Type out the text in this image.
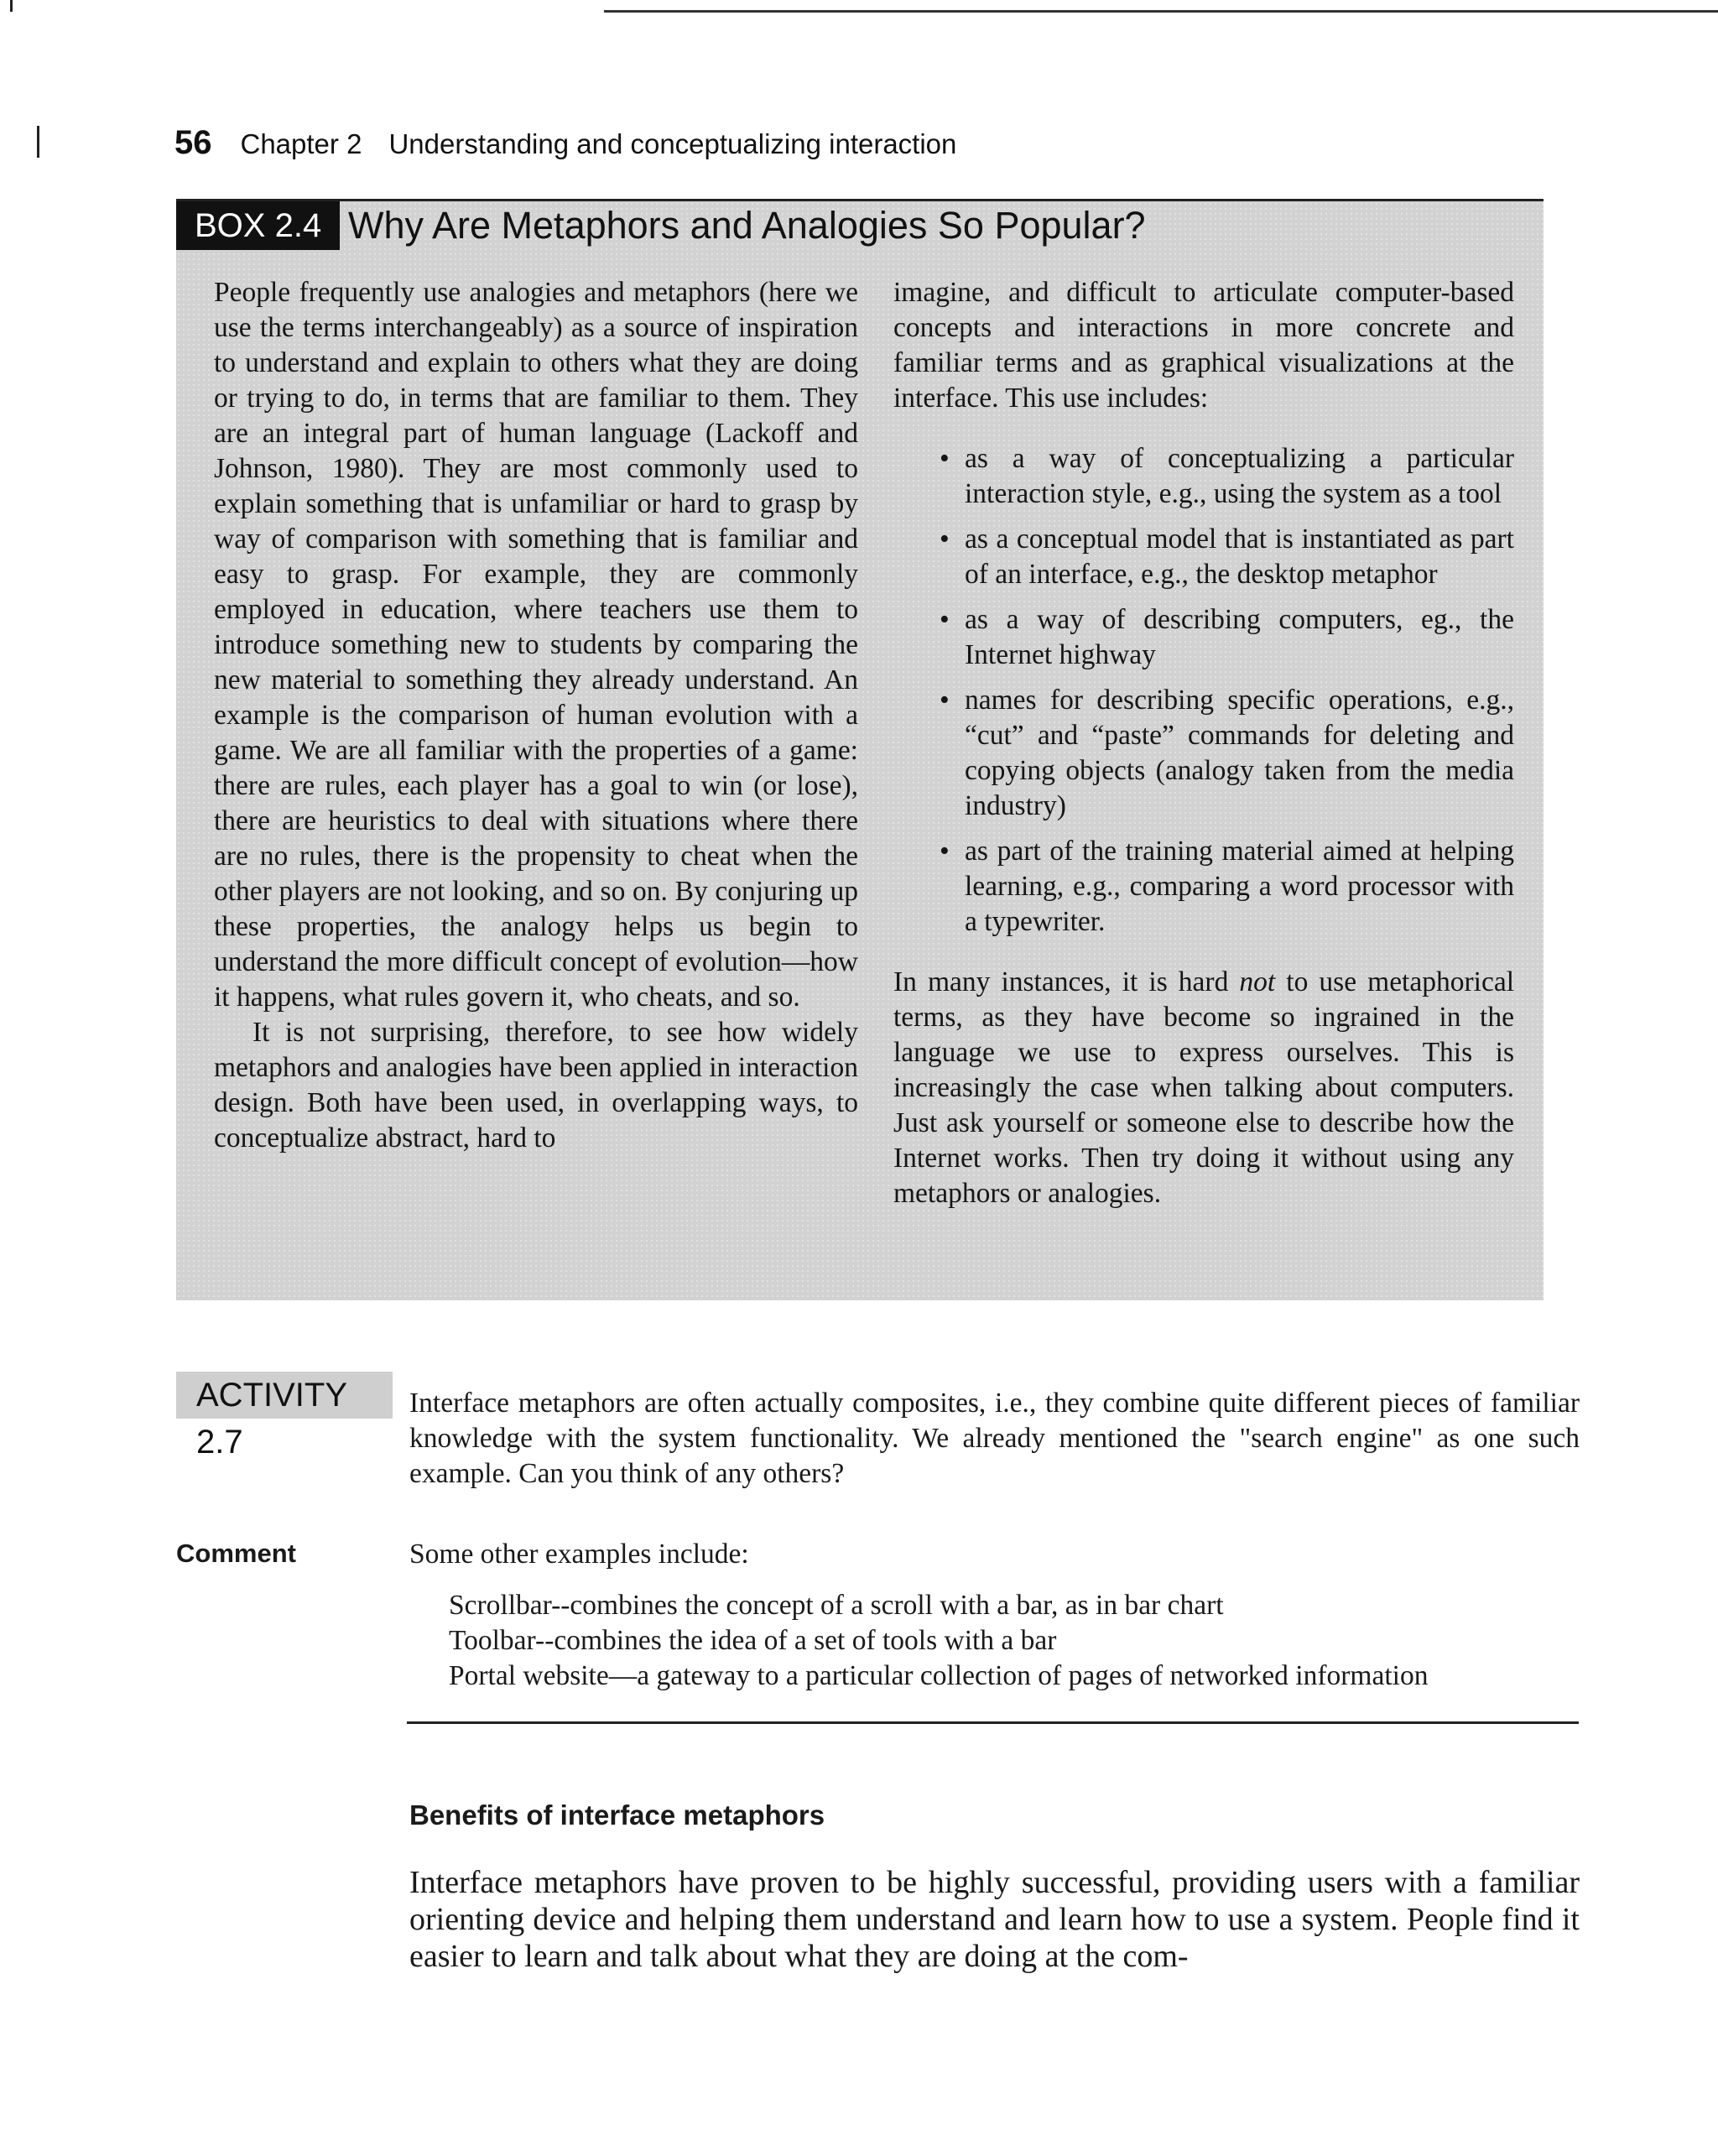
56 Chapter 2 Understanding and conceptualizing interaction
BOX 2.4 Why Are Metaphors and Analogies So Popular?

People frequently use analogies and metaphors (here we use the terms interchangeably) as a source of inspiration to understand and explain to others what they are doing or trying to do, in terms that are familiar to them. They are an integral part of human language (Lackoff and Johnson, 1980). They are most commonly used to explain something that is unfamiliar or hard to grasp by way of comparison with something that is familiar and easy to grasp. For example, they are commonly employed in education, where teachers use them to introduce something new to students by comparing the new material to something they already understand. An example is the comparison of human evolution with a game. We are all familiar with the properties of a game: there are rules, each player has a goal to win (or lose), there are heuristics to deal with situations where there are no rules, there is the propensity to cheat when the other players are not looking, and so on. By conjuring up these properties, the analogy helps us begin to understand the more difficult concept of evolution—how it happens, what rules govern it, who cheats, and so.

It is not surprising, therefore, to see how widely metaphors and analogies have been applied in interaction design. Both have been used, in overlapping ways, to conceptualize abstract, hard to

imagine, and difficult to articulate computer-based concepts and interactions in more concrete and familiar terms and as graphical visualizations at the interface. This use includes:

• as a way of conceptualizing a particular interaction style, e.g., using the system as a tool
• as a conceptual model that is instantiated as part of an interface, e.g., the desktop metaphor
• as a way of describing computers, eg., the Internet highway
• names for describing specific operations, e.g., “cut” and “paste” commands for deleting and copying objects (analogy taken from the media industry)
• as part of the training material aimed at helping learning, e.g., comparing a word processor with a typewriter.

In many instances, it is hard not to use metaphorical terms, as they have become so ingrained in the language we use to express ourselves. This is increasingly the case when talking about computers. Just ask yourself or someone else to describe how the Internet works. Then try doing it without using any metaphors or analogies.

ACTIVITY 2.7
Interface metaphors are often actually composites, i.e., they combine quite different pieces of familiar knowledge with the system functionality. We already mentioned the "search engine" as one such example. Can you think of any others?
Comment	Some other examples include:
Scrollbar--combines the concept of a scroll with a bar, as in bar chart
Toolbar--combines the idea of a set of tools with a bar
Portal website—a gateway to a particular collection of pages of networked information
Benefits of interface metaphors
Interface metaphors have proven to be highly successful, providing users with a familiar orienting device and helping them understand and learn how to use a system. People find it easier to learn and talk about what they are doing at the com-
